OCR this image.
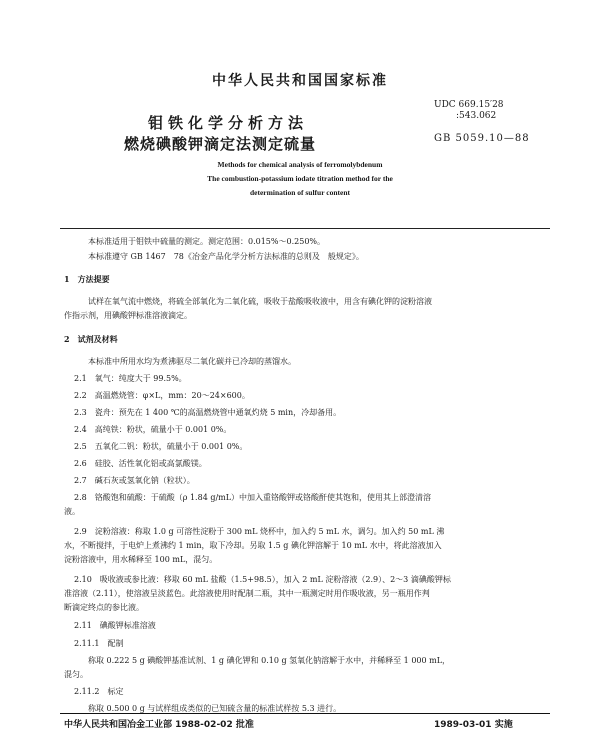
中华人民共和国国家标准
钼铁化学分析方法
燃烧碘酸钾滴定法测定硫量
UDC 669.15′28
:543.062
GB 5059.10—88
Methods for chemical analysis of ferromolybdenum
The combustion-potassium iodate titration method for the
determination of sulfur content
本标准适用于钼铁中硫量的测定。测定范围：0.015%～0.250%。
本标准遵守 GB 1467　78《冶金产品化学分析方法标准的总则及　般规定》。
1　方法提要
试样在氧气流中燃烧，将硫全部氧化为二氧化硫，吸收于盐酸吸收液中，用含有碘化钾的淀粉溶液
作指示剂，用碘酸钾标准溶液滴定。
2　试剂及材料
本标准中所用水均为煮沸驱尽二氧化碳并已冷却的蒸馏水。
2.1　氧气：纯度大于 99.5%。
2.2　高温燃烧管：φ×L，mm：20～24×600。
2.3　瓷舟：预先在 1 400 ℃的高温燃烧管中通氧灼烧 5 min，冷却备用。
2.4　高纯铁：粉状，硫量小于 0.001 0%。
2.5　五氧化二钒：粉状，硫量小于 0.001 0%。
2.6　硅胶、活性氧化铝或高氯酸镁。
2.7　碱石灰或氢氧化钠（粒状）。
2.8　铬酸饱和硫酸：于硫酸（ρ 1.84 g/mL）中加入重铬酸钾或铬酸酐使其饱和，使用其上部澄清溶
液。
2.9　淀粉溶液：称取 1.0 g 可溶性淀粉于 300 mL 烧杯中，加入约 5 mL 水，调匀。加入约 50 mL 沸
水，不断搅拌，于电炉上煮沸约 1 min，取下冷却。另取 1.5 g 碘化钾溶解于 10 mL 水中，将此溶液加入
淀粉溶液中，用水稀释至 100 mL，混匀。
2.10　吸收液或参比液：移取 60 mL 盐酸（1.5+98.5），加入 2 mL 淀粉溶液（2.9）、2～3 滴碘酸钾标
准溶液（2.11），使溶液呈淡蓝色。此溶液使用时配制二瓶，其中一瓶测定时用作吸收液，另一瓶用作判
断滴定终点的参比液。
2.11　碘酸钾标准溶液
2.11.1　配制
称取 0.222 5 g 碘酸钾基准试剂、1 g 碘化钾和 0.10 g 氢氧化钠溶解于水中，并稀释至 1 000 mL，
混匀。
2.11.2　标定
称取 0.500 0 g 与试样组成类似的已知硫含量的标准试样按 5.3 进行。
中华人民共和国冶金工业部 1988-02-02 批准	1989-03-01 实施
